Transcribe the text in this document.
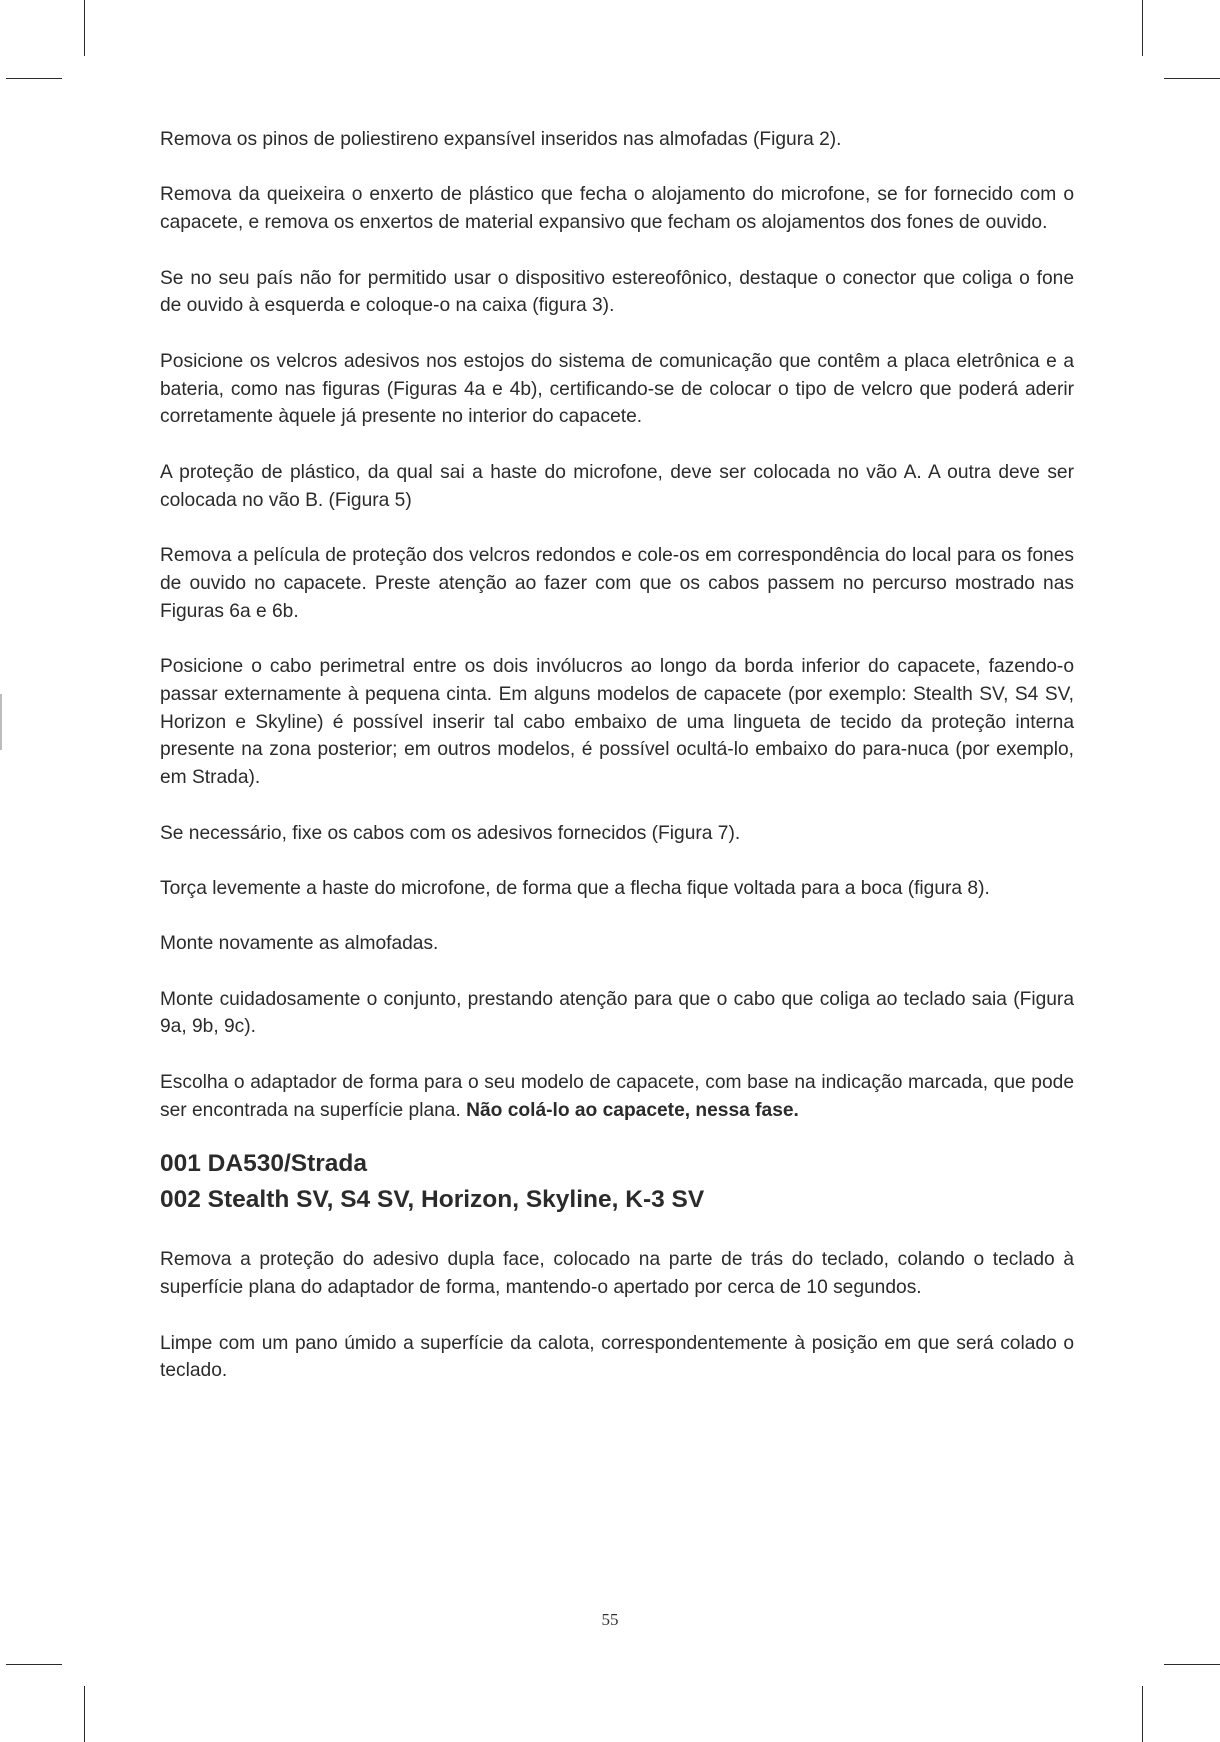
Remova os pinos de poliestireno expansível inseridos nas almofadas (Figura 2).

Remova da queixeira o enxerto de plástico que fecha o alojamento do microfone, se for fornecido com o capacete, e remova os enxertos de material expansivo que fecham os alojamentos dos fones de ouvido.

Se no seu país não for permitido usar o dispositivo estereofônico, destaque o conector que coliga o fone de ouvido à esquerda e coloque-o na caixa (figura 3).

Posicione os velcros adesivos nos estojos do sistema de comunicação que contêm a placa eletrônica e a bateria, como nas figuras (Figuras 4a e 4b), certificando-se de colocar o tipo de velcro que poderá aderir corretamente àquele já presente no interior do capacete.

A proteção de plástico, da qual sai a haste do microfone, deve ser colocada no vão A. A outra deve ser colocada no vão B. (Figura 5)

Remova a película de proteção dos velcros redondos e cole-os em correspondência do local para os fones de ouvido no capacete. Preste atenção ao fazer com que os cabos passem no percurso mostrado nas Figuras 6a e 6b.

Posicione o cabo perimetral entre os dois invólucros ao longo da borda inferior do capacete, fazendo-o passar externamente à pequena cinta. Em alguns modelos de capacete (por exemplo: Stealth SV, S4 SV, Horizon e Skyline) é possível inserir tal cabo embaixo de uma lingueta de tecido da proteção interna presente na zona posterior; em outros modelos, é possível ocultá-lo embaixo do para-nuca (por exemplo, em Strada).

Se necessário, fixe os cabos com os adesivos fornecidos (Figura 7).

Torça levemente a haste do microfone, de forma que a flecha fique voltada para a boca (figura 8).

Monte novamente as almofadas.

Monte cuidadosamente o conjunto, prestando atenção para que o cabo que coliga ao teclado saia (Figura 9a, 9b, 9c).

Escolha o adaptador de forma para o seu modelo de capacete, com base na indicação marcada, que pode ser encontrada na superfície plana. Não colá-lo ao capacete, nessa fase.

001 DA530/Strada
002 Stealth SV, S4 SV, Horizon, Skyline, K-3 SV

Remova a proteção do adesivo dupla face, colocado na parte de trás do teclado, colando o teclado à superfície plana do adaptador de forma, mantendo-o apertado por cerca de 10 segundos.

Limpe com um pano úmido a superfície da calota, correspondentemente à posição em que será colado o teclado.

55
